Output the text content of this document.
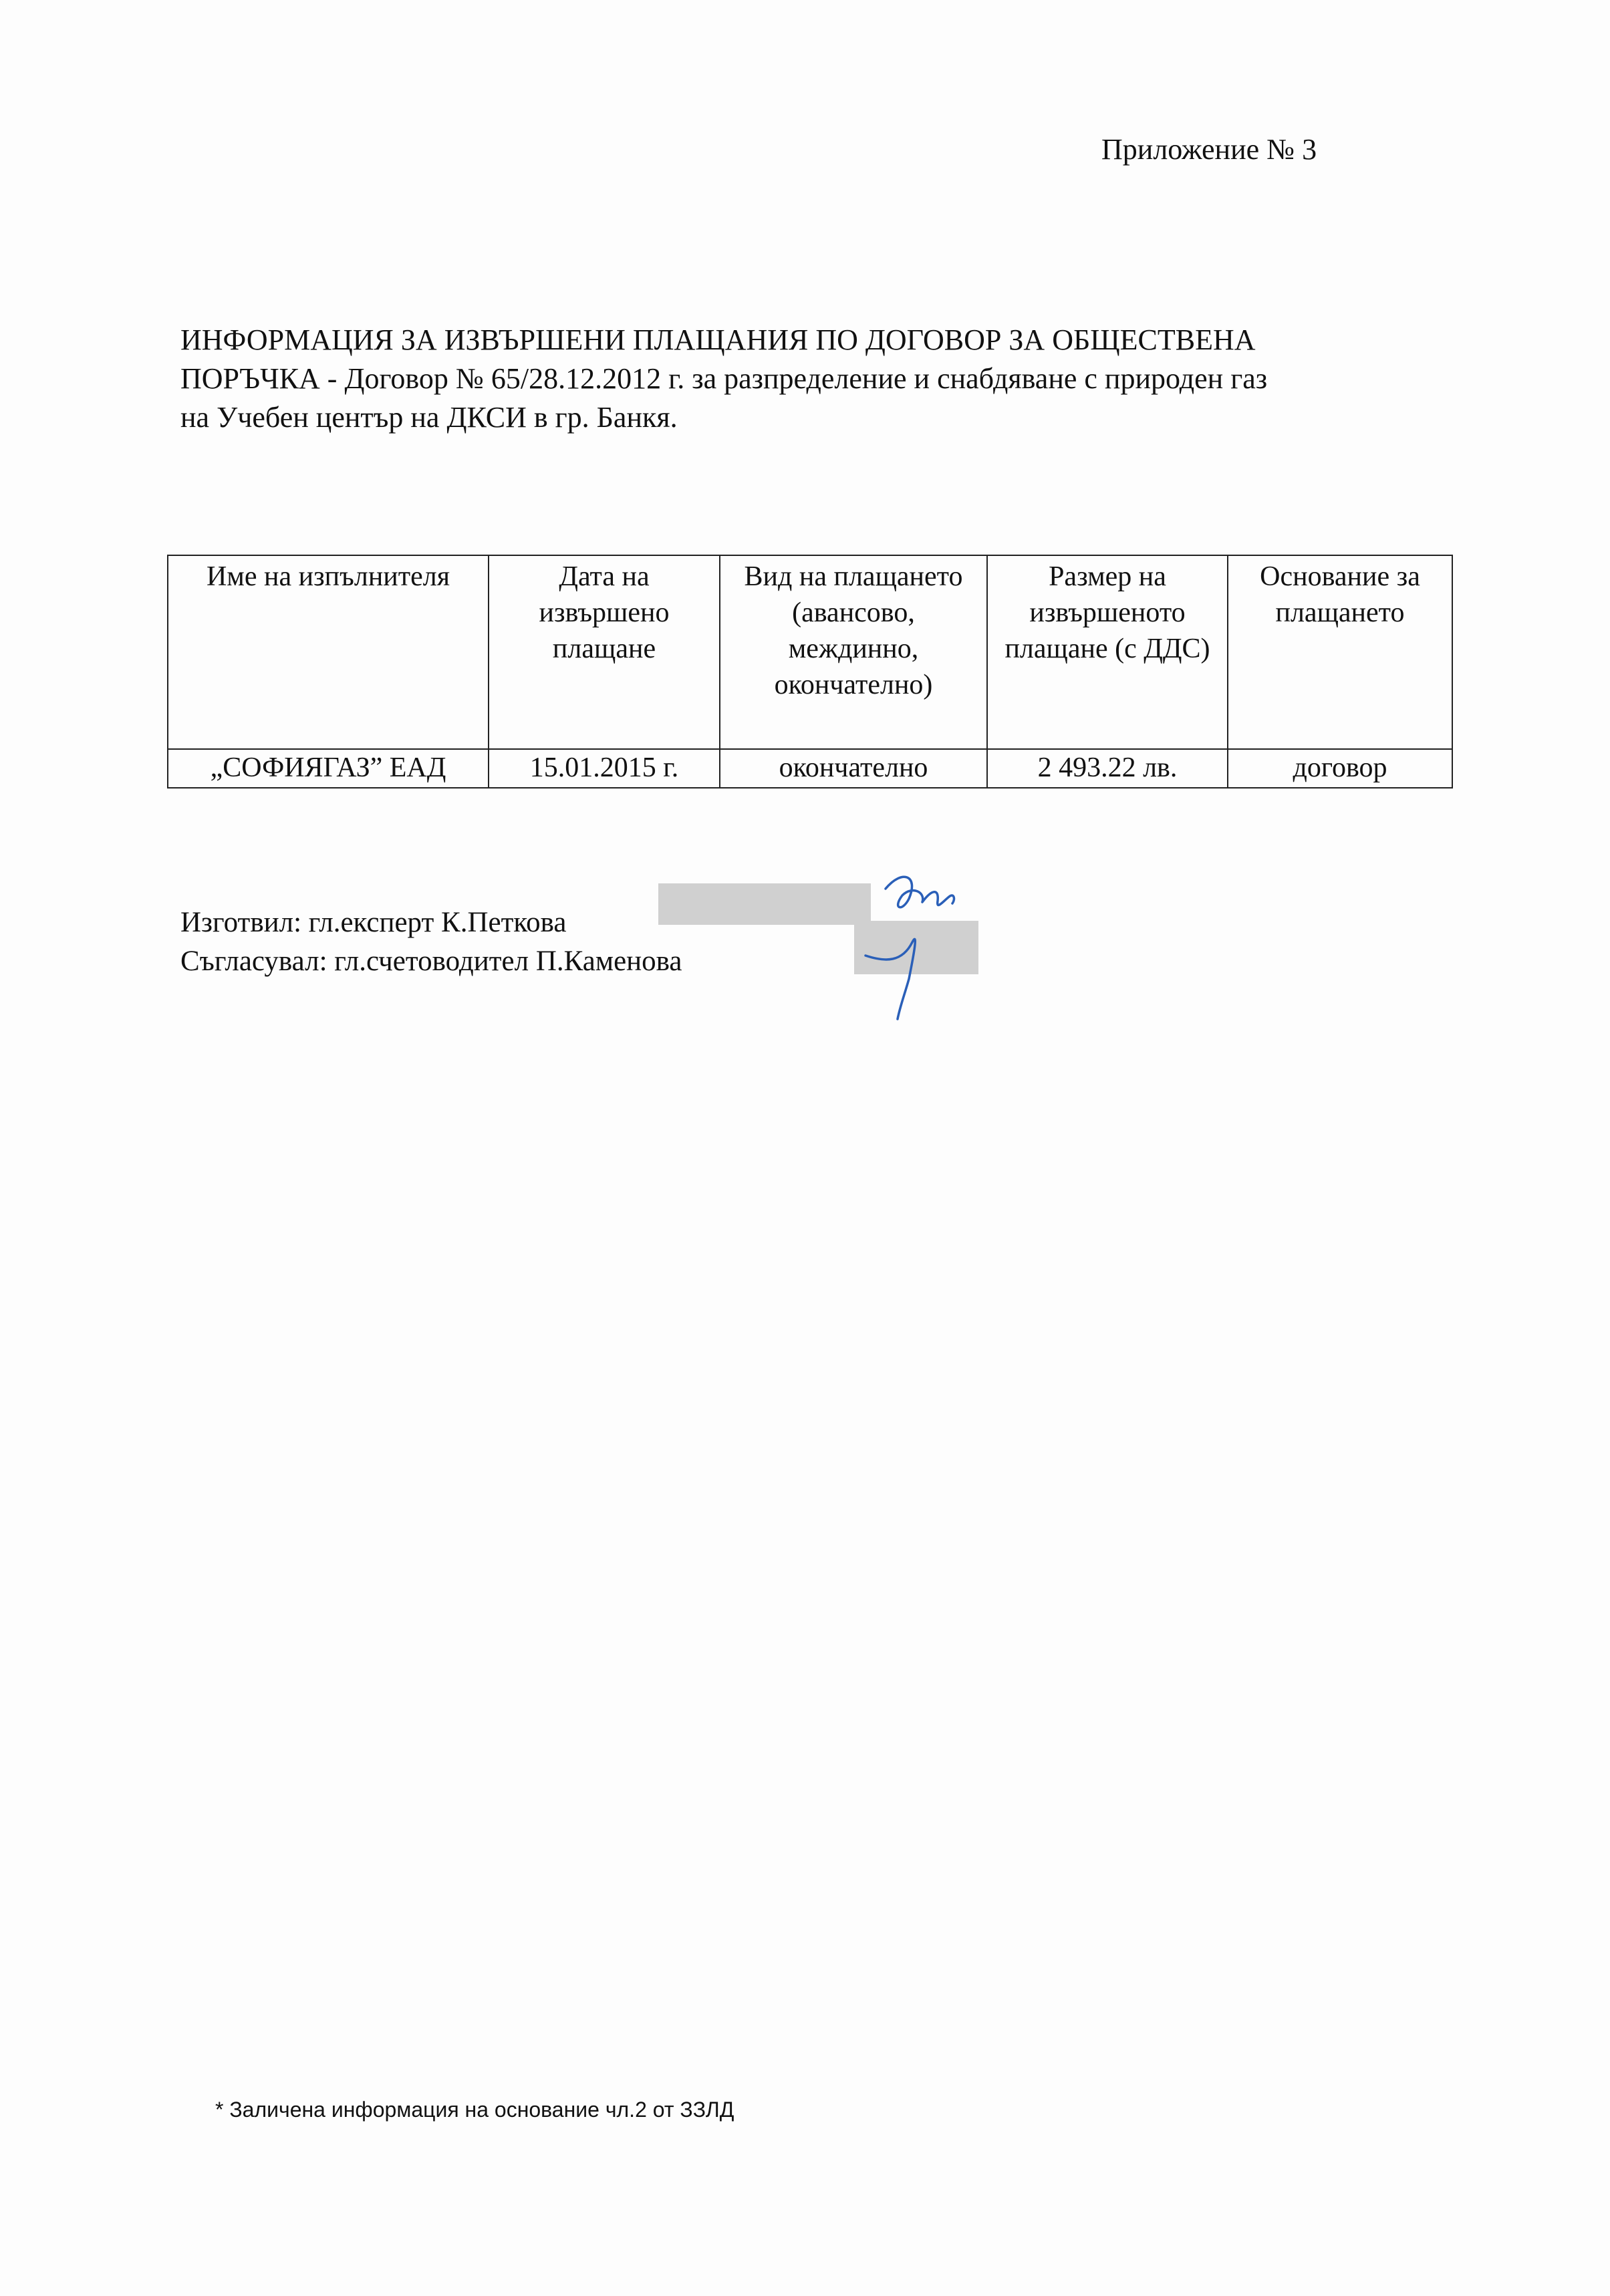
Приложение № 3
ИНФОРМАЦИЯ ЗА ИЗВЪРШЕНИ ПЛАЩАНИЯ ПО ДОГОВОР ЗА ОБЩЕСТВЕНА
ПОРЪЧКА - Договор № 65/28.12.2012 г. за разпределение и снабдяване с природен газ
на Учебен център на ДКСИ в гр. Банкя.
Име на изпълнителя	Дата на извършено плащане	Вид на плащането (авансово, междинно, окончателно)	Размер на извършеното плащане (с ДДС)	Основание за плащането
„СОФИЯГАЗ” ЕАД	15.01.2015 г.	окончателно	2 493.22 лв.	договор
Изготвил: гл.експерт К.Петкова
Съгласувал: гл.счетоводител П.Каменова
* Заличена информация на основание чл.2 от ЗЗЛД
